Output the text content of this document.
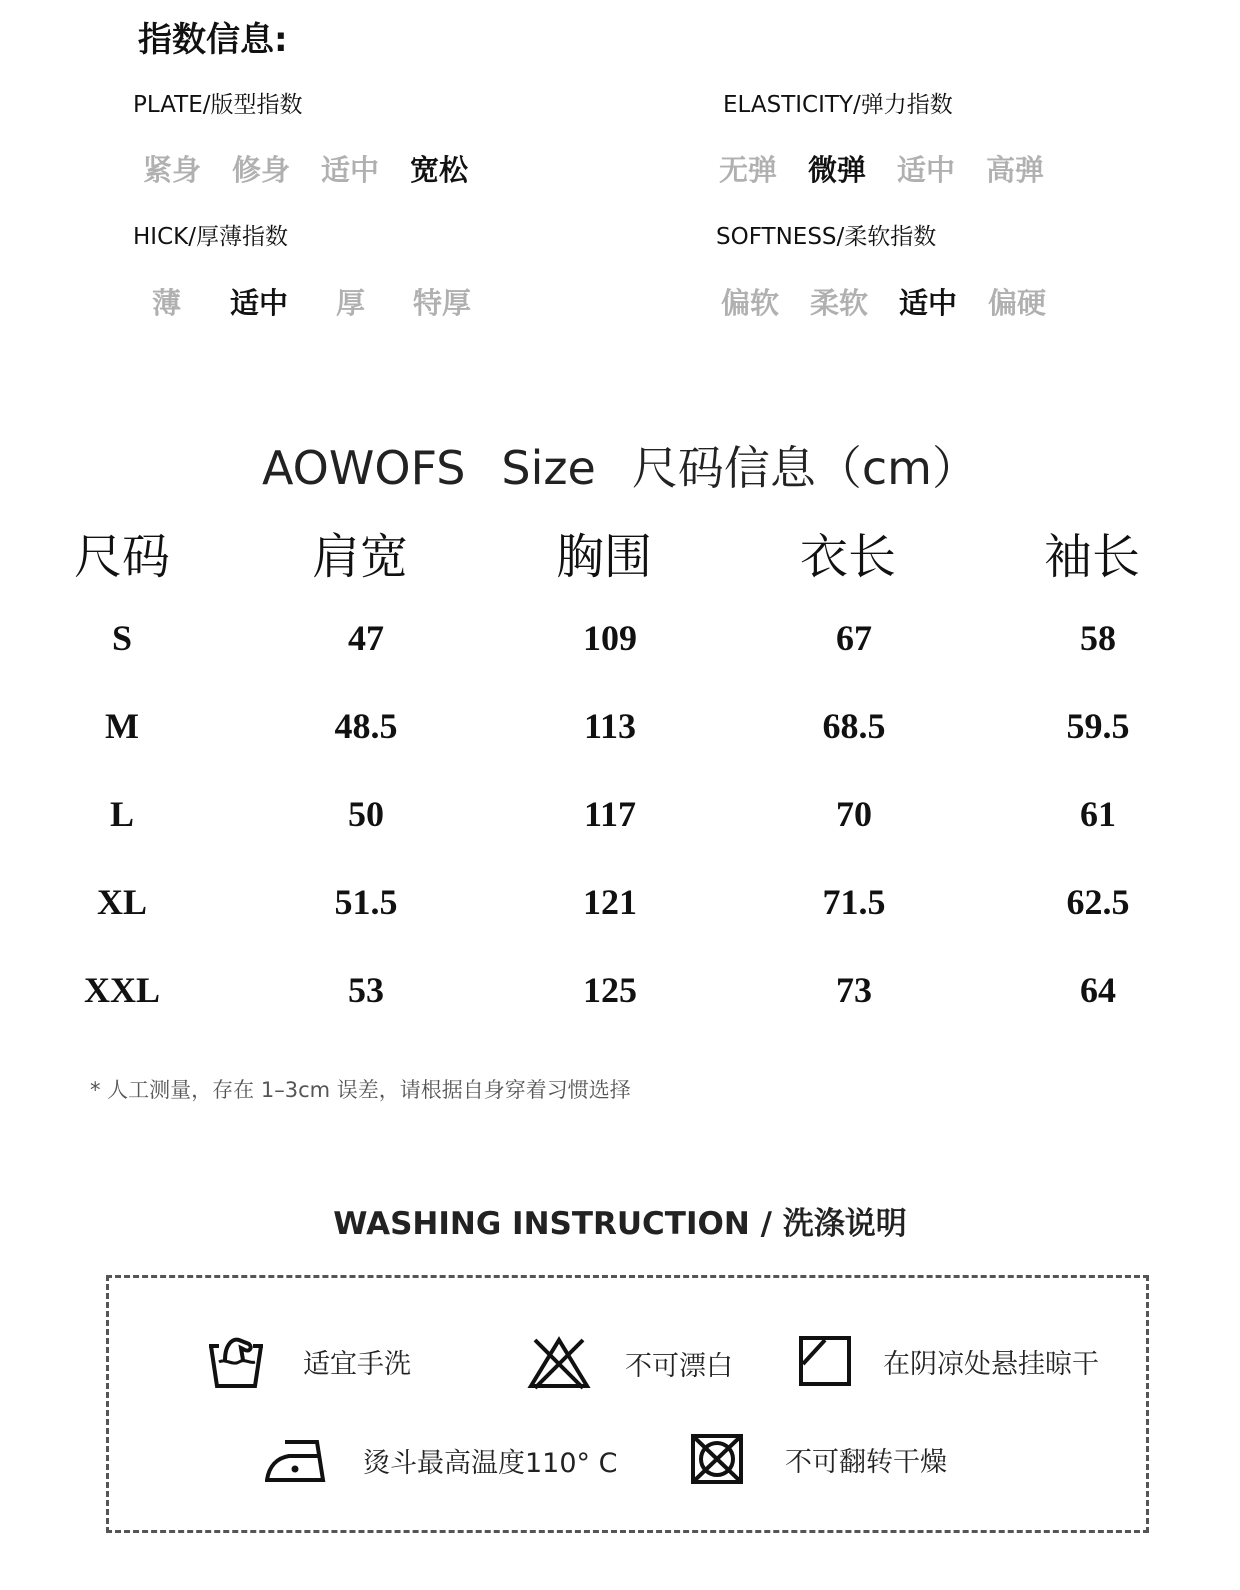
指数信息:
PLATE/版型指数
紧身 修身 适中 宽松
ELASTICITY/弹力指数
无弹 微弹 适中 高弹
HICK/厚薄指数
薄 适中 厚 特厚
SOFTNESS/柔软指数
偏软 柔软 适中 偏硬
AOWOFS Size 尺码信息（cm）
尺码	肩宽	胸围	衣长	袖长
S	47	109	67	58
M	48.5	113	68.5	59.5
L	50	117	70	61
XL	51.5	121	71.5	62.5
XXL	53	125	73	64
* 人工测量，存在 1–3cm 误差，请根据自身穿着习惯选择
WASHING INSTRUCTION / 洗涤说明
适宜手洗	不可漂白	在阴凉处悬挂晾干
烫斗最高温度110° C	不可翻转干燥
